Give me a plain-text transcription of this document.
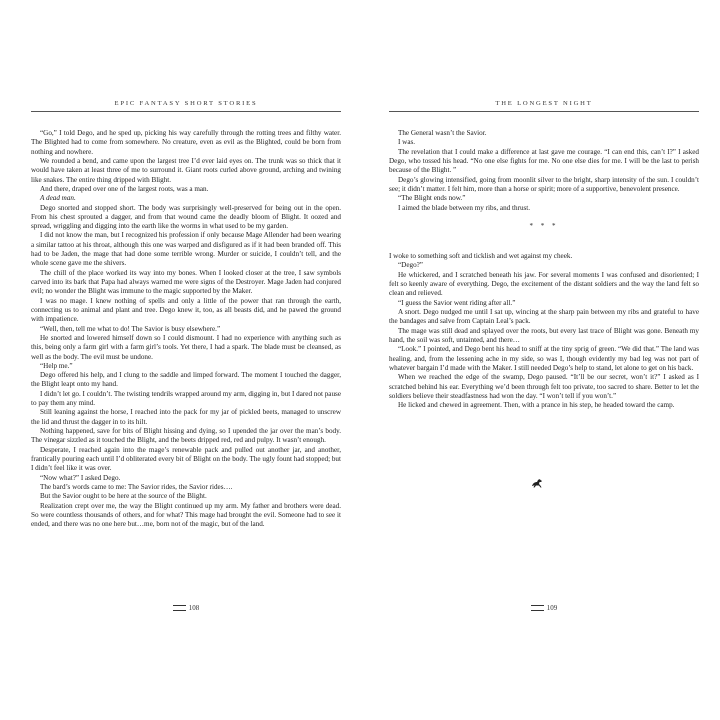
EPIC FANTASY SHORT STORIES

“Go,” I told Dego, and he sped up, picking his way carefully through the rotting trees and filthy water. The Blighted had to come from somewhere. No creature, even as evil as the Blighted, could be born from nothing and nowhere.

We rounded a bend, and came upon the largest tree I’d ever laid eyes on. The trunk was so thick that it would have taken at least three of me to surround it. Giant roots curled above ground, arching and twining like snakes. The entire thing dripped with Blight.

And there, draped over one of the largest roots, was a man.

A dead man.

Dego snorted and stopped short. The body was surprisingly well-preserved for being out in the open. From his chest sprouted a dagger, and from that wound came the deadly bloom of Blight. It oozed and spread, wriggling and digging into the earth like the worms in what used to be my garden.

I did not know the man, but I recognized his profession if only because Mage Allender had been wearing a similar tattoo at his throat, although this one was warped and disfigured as if it had been branded off. This had to be Jaden, the mage that had done some terrible wrong. Murder or suicide, I couldn’t tell, and the whole scene gave me the shivers.

The chill of the place worked its way into my bones. When I looked closer at the tree, I saw symbols carved into its bark that Papa had always warned me were signs of the Destroyer. Mage Jaden had conjured evil; no wonder the Blight was immune to the magic supported by the Maker.

I was no mage. I knew nothing of spells and only a little of the power that ran through the earth, connecting us to animal and plant and tree. Dego knew it, too, as all beasts did, and he pawed the ground with impatience.

“Well, then, tell me what to do! The Savior is busy elsewhere.”

He snorted and lowered himself down so I could dismount. I had no experience with anything such as this, being only a farm girl with a farm girl’s tools. Yet there, I had a spark. The blade must be cleansed, as well as the body. The evil must be undone.

“Help me.”

Dego offered his help, and I clung to the saddle and limped forward. The moment I touched the dagger, the Blight leapt onto my hand.

I didn’t let go. I couldn’t. The twisting tendrils wrapped around my arm, digging in, but I dared not pause to pay them any mind.

Still leaning against the horse, I reached into the pack for my jar of pickled beets, managed to unscrew the lid and thrust the dagger in to its hilt.

Nothing happened, save for bits of Blight hissing and dying, so I upended the jar over the man’s body. The vinegar sizzled as it touched the Blight, and the beets dripped red, red and pulpy. It wasn’t enough.

Desperate, I reached again into the mage’s renewable pack and pulled out another jar, and another, frantically pouring each until I’d obliterated every bit of Blight on the body. The ugly fount had stopped; but I didn’t feel like it was over.

“Now what?” I asked Dego.

The bard’s words came to me: The Savior rides, the Savior rides….

But the Savior ought to be here at the source of the Blight.

Realization crept over me, the way the Blight continued up my arm. My father and brothers were dead. So were countless thousands of others, and for what? This mage had brought the evil. Someone had to see it ended, and there was no one here but…me, born not of the magic, but of the land.

THE LONGEST NIGHT

The General wasn’t the Savior.

I was.

The revelation that I could make a difference at last gave me courage. “I can end this, can’t I?” I asked Dego, who tossed his head. “No one else fights for me. No one else dies for me. I will be the last to perish because of the Blight. ”

Dego’s glowing intensified, going from moonlit silver to the bright, sharp intensity of the sun. I couldn’t see; it didn’t matter. I felt him, more than a horse or spirit; more of a supportive, benevolent presence.

“The Blight ends now.”

I aimed the blade between my ribs, and thrust.

* * *

I woke to something soft and ticklish and wet against my cheek.

“Dego?”

He whickered, and I scratched beneath his jaw. For several moments I was confused and disoriented; I felt so keenly aware of everything. Dego, the excitement of the distant soldiers and the way the land felt so clean and relieved.

“I guess the Savior went riding after all.”

A snort. Dego nudged me until I sat up, wincing at the sharp pain between my ribs and grateful to have the bandages and salve from Captain Leal’s pack.

The mage was still dead and splayed over the roots, but every last trace of Blight was gone. Beneath my hand, the soil was soft, untainted, and there…

“Look.” I pointed, and Dego bent his head to sniff at the tiny sprig of green. “We did that.” The land was healing, and, from the lessening ache in my side, so was I, though evidently my bad leg was not part of whatever bargain I’d made with the Maker. I still needed Dego’s help to stand, let alone to get on his back.

When we reached the edge of the swamp, Dego paused. “It’ll be our secret, won’t it?” I asked as I scratched behind his ear. Everything we’d been through felt too private, too sacred to share. Better to let the soldiers believe their steadfastness had won the day. “I won’t tell if you won’t.”

He licked and chewed in agreement. Then, with a prance in his step, he headed toward the camp.

108	109
